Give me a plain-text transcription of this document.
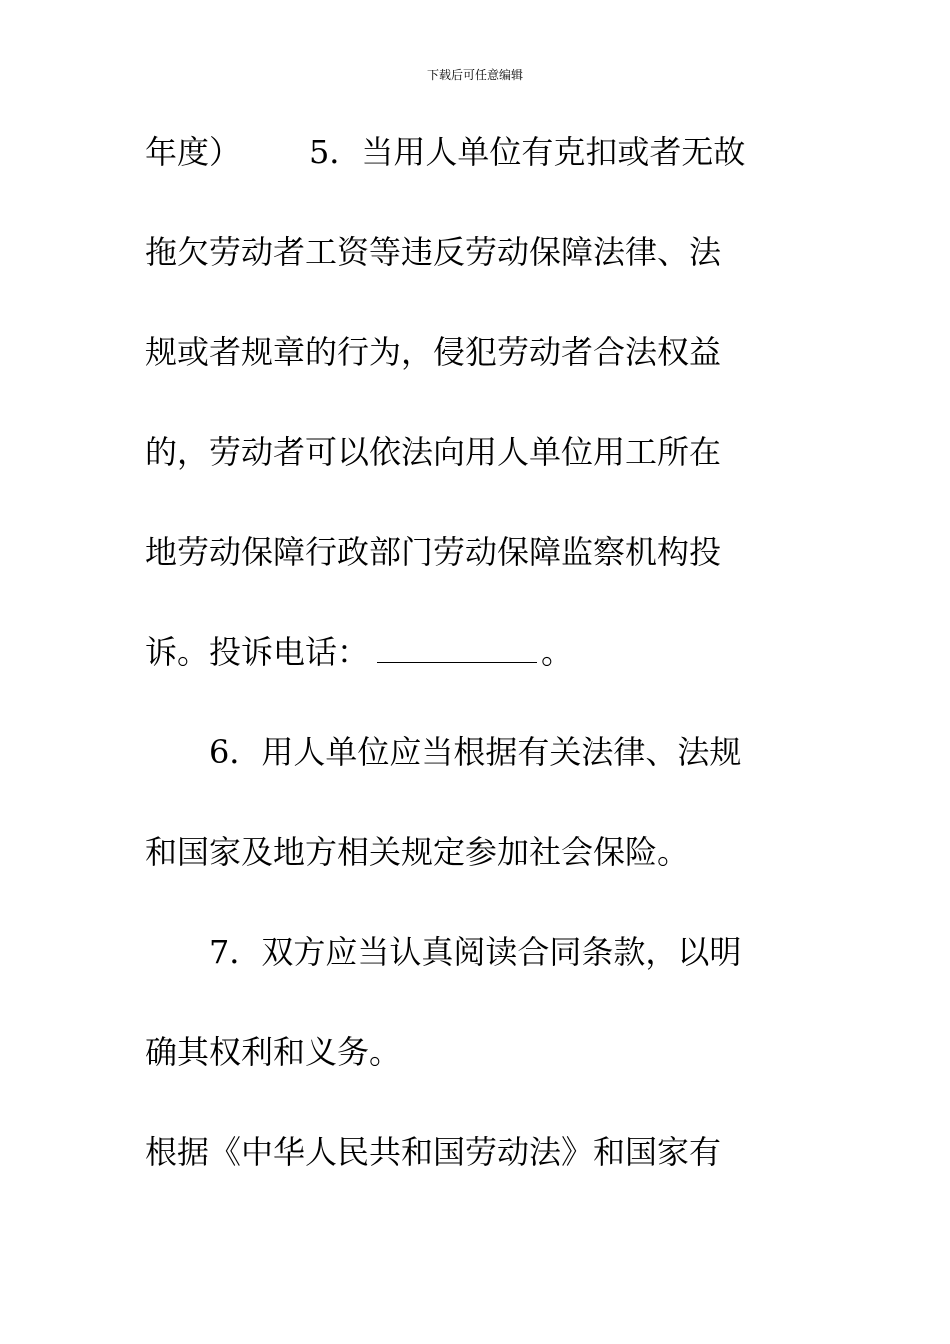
下载后可任意编辑
年度） 5．当用人单位有克扣或者无故
拖欠劳动者工资等违反劳动保障法律、法
规或者规章的行为，侵犯劳动者合法权益
的，劳动者可以依法向用人单位用工所在
地劳动保障行政部门劳动保障监察机构投
诉。投诉电话：	。
6．用人单位应当根据有关法律、法规
和国家及地方相关规定参加社会保险。
7．双方应当认真阅读合同条款，以明
确其权利和义务。
根据《中华人民共和国劳动法》和国家有
